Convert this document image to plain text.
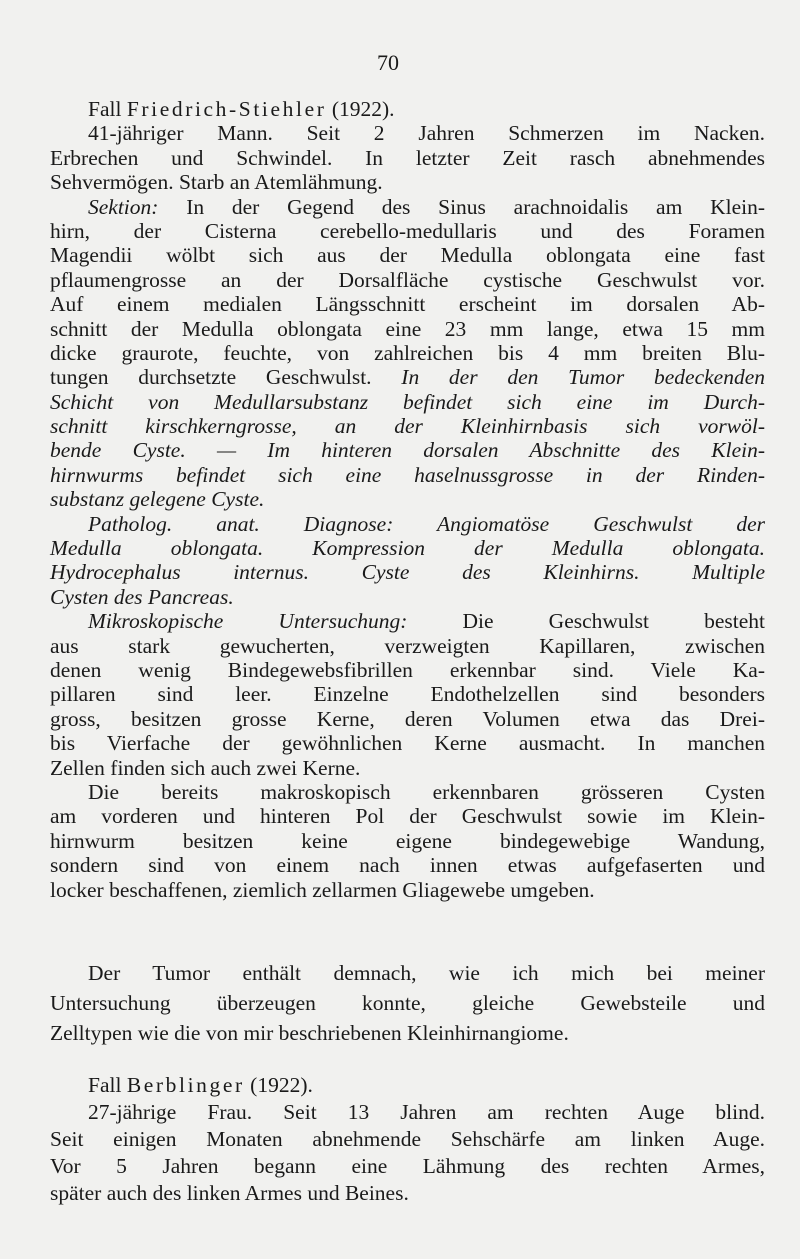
70
Fall Friedrich-Stiehler (1922).
41-jähriger Mann. Seit 2 Jahren Schmerzen im Nacken.
Erbrechen und Schwindel. In letzter Zeit rasch abnehmendes
Sehvermögen. Starb an Atemlähmung.
Sektion: In der Gegend des Sinus arachnoidalis am Klein-
hirn, der Cisterna cerebello-medullaris und des Foramen
Magendii wölbt sich aus der Medulla oblongata eine fast
pflaumengrosse an der Dorsalfläche cystische Geschwulst vor.
Auf einem medialen Längsschnitt erscheint im dorsalen Ab-
schnitt der Medulla oblongata eine 23 mm lange, etwa 15 mm
dicke graurote, feuchte, von zahlreichen bis 4 mm breiten Blu-
tungen durchsetzte Geschwulst. In der den Tumor bedeckenden
Schicht von Medullarsubstanz befindet sich eine im Durch-
schnitt kirschkerngrosse, an der Kleinhirnbasis sich vorwöl-
bende Cyste. — Im hinteren dorsalen Abschnitte des Klein-
hirnwurms befindet sich eine haselnussgrosse in der Rinden-
substanz gelegene Cyste.
Patholog. anat. Diagnose: Angiomatöse Geschwulst der
Medulla oblongata. Kompression der Medulla oblongata.
Hydrocephalus internus. Cyste des Kleinhirns. Multiple
Cysten des Pancreas.
Mikroskopische Untersuchung:	Die Geschwulst besteht
aus stark gewucherten, verzweigten Kapillaren, zwischen
denen wenig Bindegewebsfibrillen erkennbar sind. Viele Ka-
pillaren sind leer. Einzelne Endothelzellen sind besonders
gross, besitzen grosse Kerne, deren Volumen etwa das Drei-
bis Vierfache der gewöhnlichen Kerne ausmacht. In manchen
Zellen finden sich auch zwei Kerne.
Die bereits makroskopisch erkennbaren grösseren Cysten
am vorderen und hinteren Pol der Geschwulst sowie im Klein-
hirnwurm besitzen keine eigene bindegewebige Wandung,
sondern sind von einem nach innen etwas aufgefaserten und
locker beschaffenen, ziemlich zellarmen Gliagewebe umgeben.
Der Tumor enthält demnach, wie ich mich bei meiner
Untersuchung überzeugen konnte, gleiche Gewebsteile und
Zelltypen wie die von mir beschriebenen Kleinhirnangiome.
Fall Berblinger (1922).
27-jährige Frau. Seit 13 Jahren am rechten Auge blind.
Seit einigen Monaten abnehmende Sehschärfe am linken Auge.
Vor 5 Jahren begann eine Lähmung des rechten Armes,
später auch des linken Armes und Beines.
